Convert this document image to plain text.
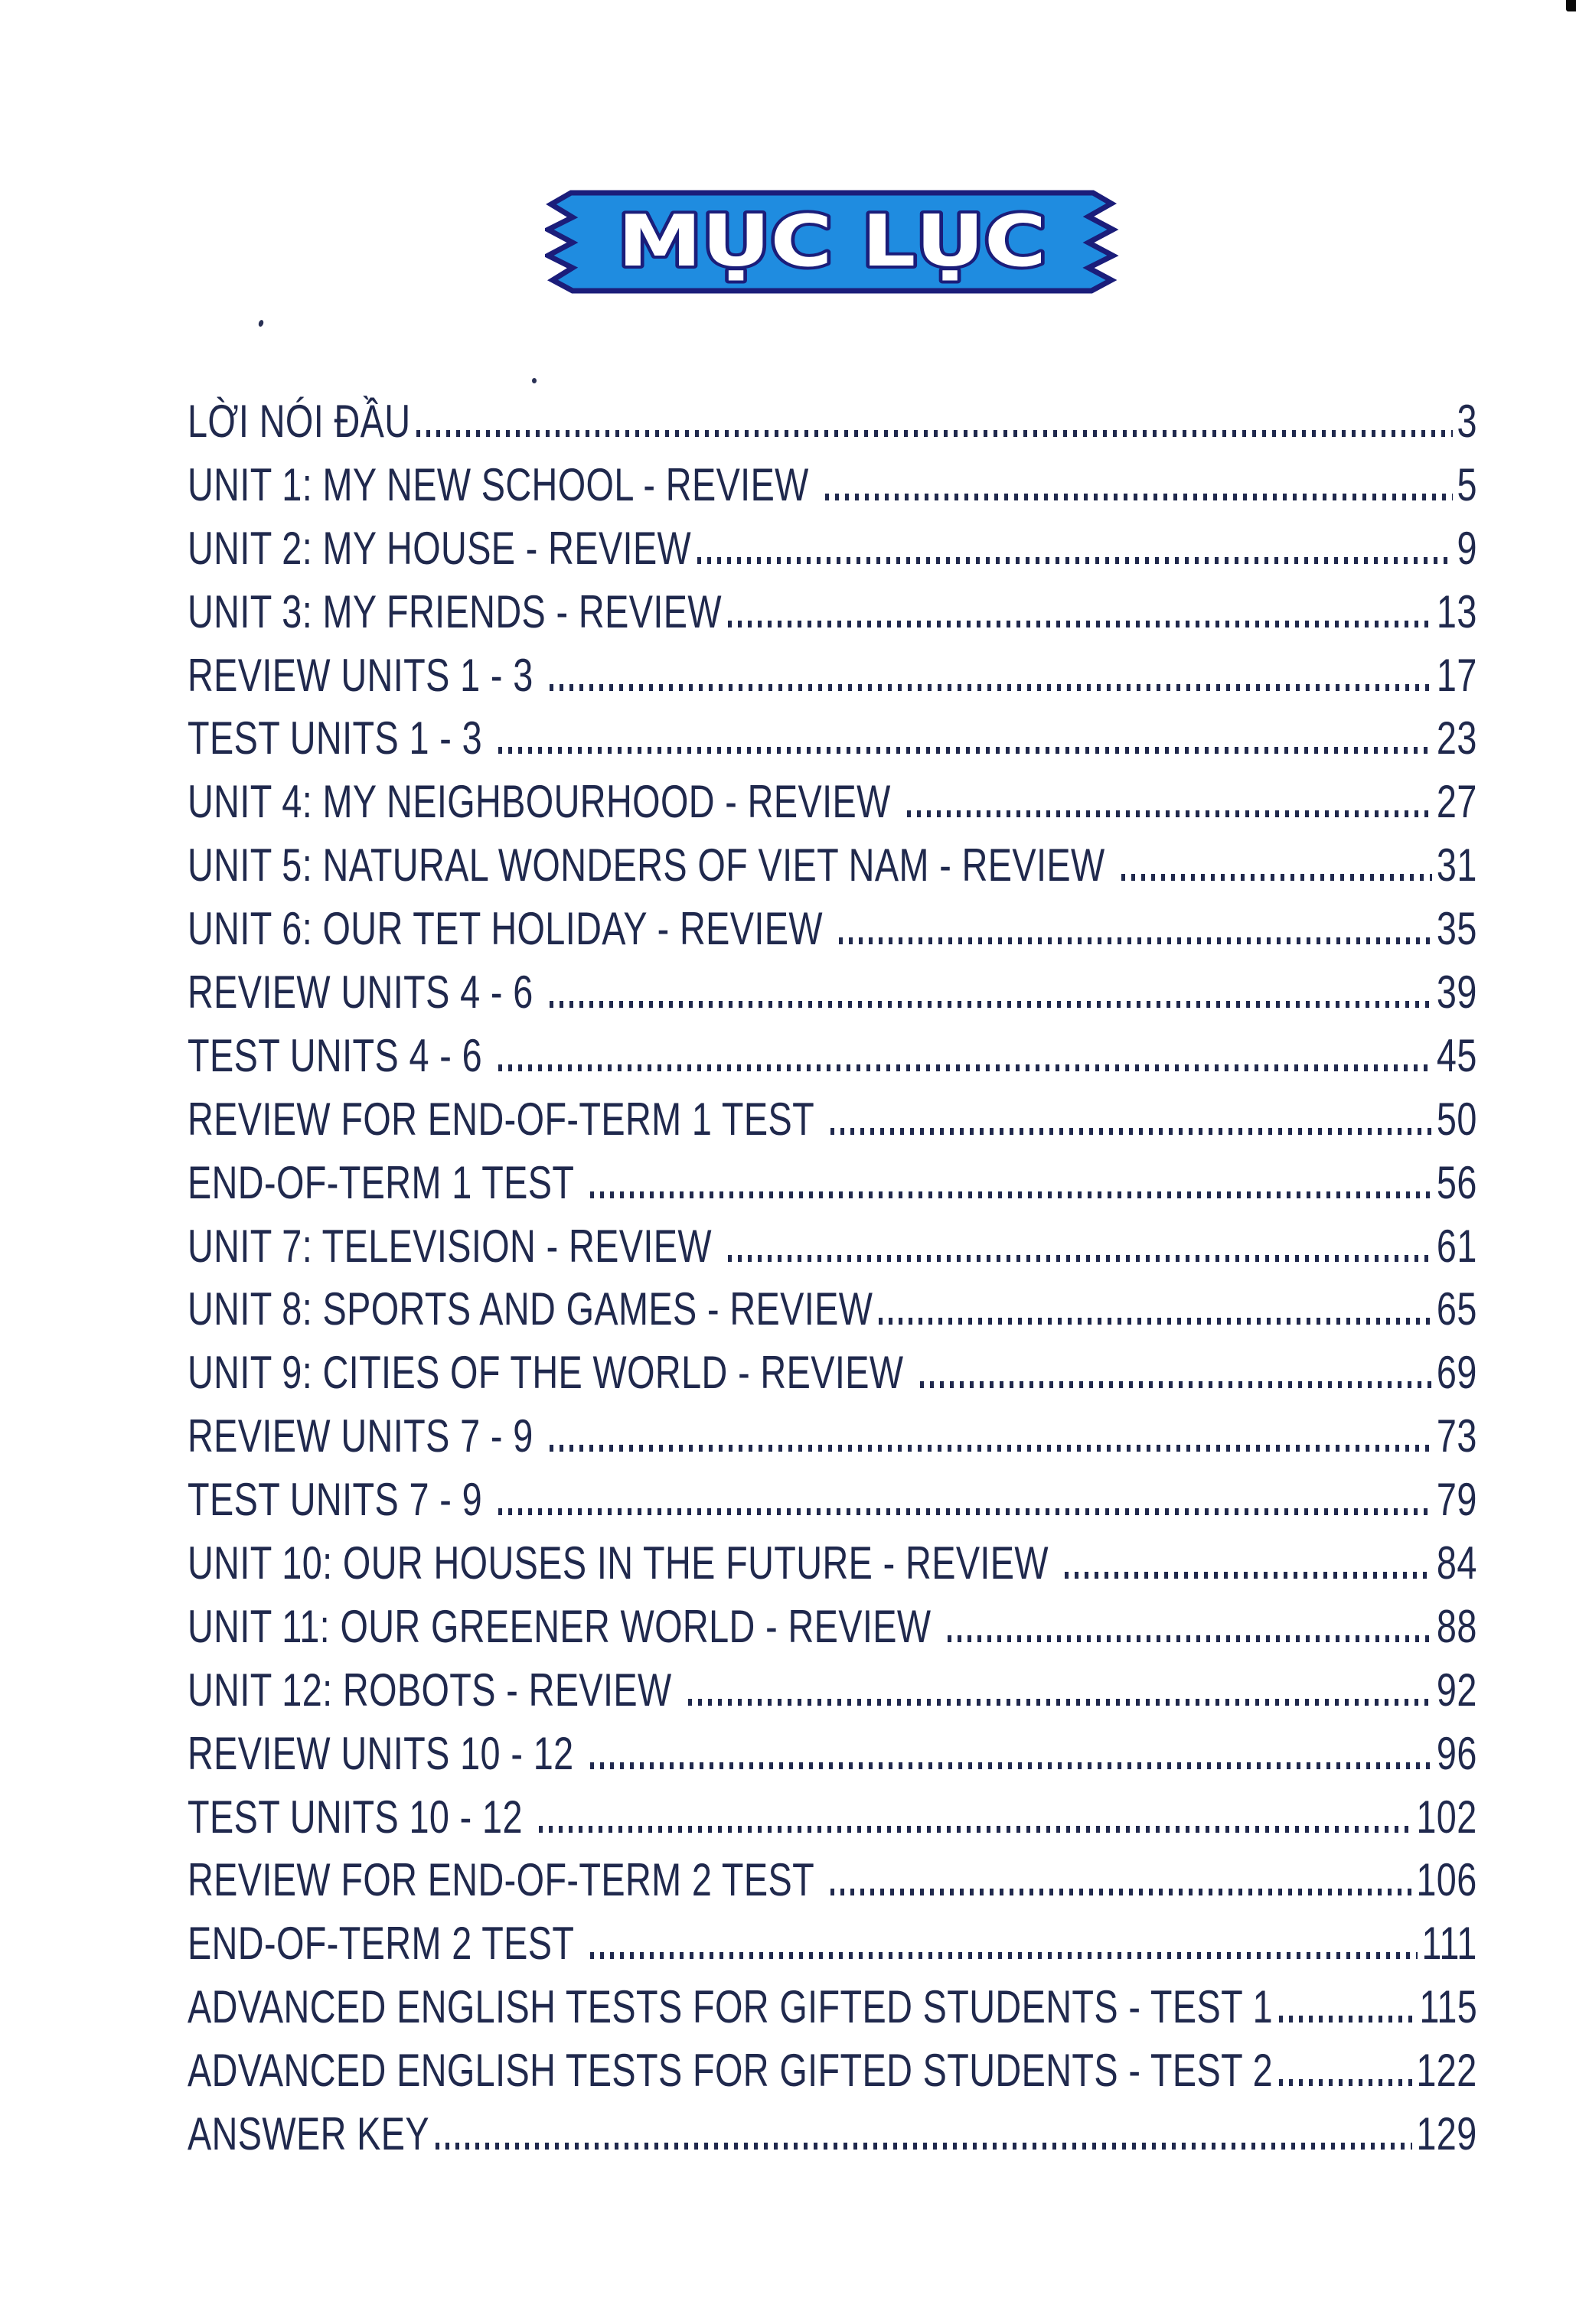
MỤC LỤC
LỜI NÓI ĐẦU	3
UNIT 1: MY NEW SCHOOL - REVIEW	5
UNIT 2: MY HOUSE - REVIEW	9
UNIT 3: MY FRIENDS - REVIEW	13
REVIEW UNITS 1 - 3	17
TEST UNITS 1 - 3	23
UNIT 4: MY NEIGHBOURHOOD - REVIEW	27
UNIT 5: NATURAL WONDERS OF VIET NAM - REVIEW	31
UNIT 6: OUR TET HOLIDAY - REVIEW	35
REVIEW UNITS 4 - 6	39
TEST UNITS 4 - 6	45
REVIEW FOR END-OF-TERM 1 TEST	50
END-OF-TERM 1 TEST	56
UNIT 7: TELEVISION - REVIEW	61
UNIT 8: SPORTS AND GAMES - REVIEW	65
UNIT 9: CITIES OF THE WORLD - REVIEW	69
REVIEW UNITS 7 - 9	73
TEST UNITS 7 - 9	79
UNIT 10: OUR HOUSES IN THE FUTURE - REVIEW	84
UNIT 11: OUR GREENER WORLD - REVIEW	88
UNIT 12: ROBOTS - REVIEW	92
REVIEW UNITS 10 - 12	96
TEST UNITS 10 - 12	102
REVIEW FOR END-OF-TERM 2 TEST	106
END-OF-TERM 2 TEST	111
ADVANCED ENGLISH TESTS FOR GIFTED STUDENTS - TEST 1	115
ADVANCED ENGLISH TESTS FOR GIFTED STUDENTS - TEST 2	122
ANSWER KEY	129
